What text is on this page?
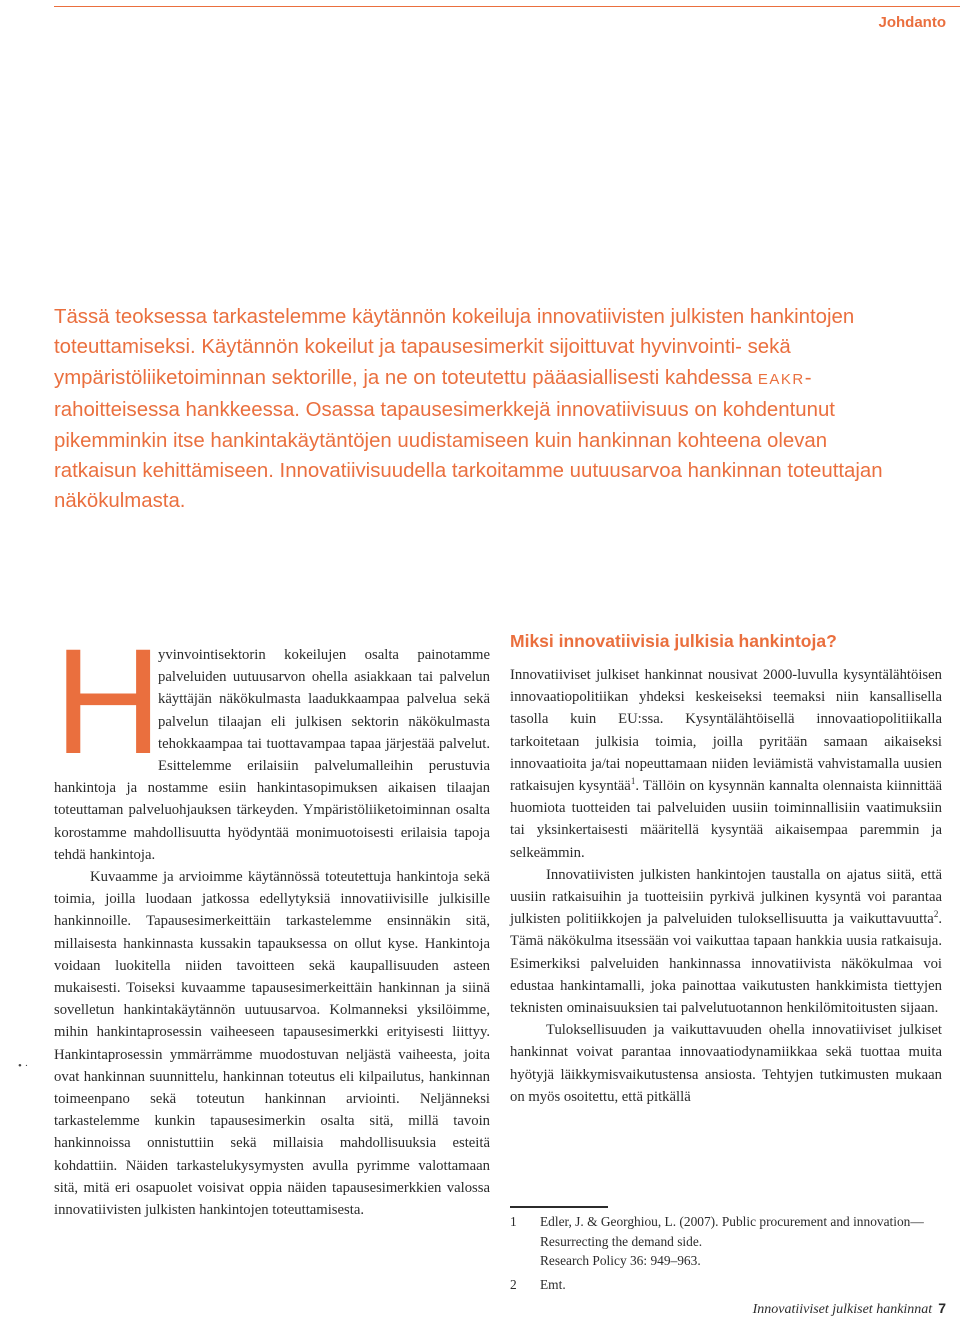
Johdanto

Tässä teoksessa tarkastelemme käytännön kokeiluja innovatiivisten julkisten hankintojen toteuttamiseksi. Käytännön kokeilut ja tapausesimerkit sijoittuvat hyvinvointi- sekä ympäristöliiketoiminnan sektorille, ja ne on toteutettu pääasiallisesti kahdessa EAKR-rahoitteisessa hankkeessa. Osassa tapausesimerkkejä innovatiivisuus on kohdentunut pikemminkin itse hankintakäytäntöjen uudistamiseen kuin hankinnan kohteena olevan ratkaisun kehittämiseen. Innovatiivisuudella tarkoitamme uutuusarvoa hankinnan toteuttajan näkökulmasta.

H

yvinvointisektorin kokeilujen osalta painotamme palveluiden uutuusarvon ohella asiakkaan tai palvelun käyttäjän näkökulmasta laadukkaampaa palvelua sekä palvelun tilaajan eli julkisen sektorin näkökulmasta tehokkaampaa tai tuottavampaa tapaa järjestää palvelut. Esittelemme erilaisiin palvelumalleihin perustuvia hankintoja ja nostamme esiin hankintasopimuksen aikaisen tilaajan toteuttaman palveluohjauksen tärkeyden. Ympäristöliiketoiminnan osalta korostamme mahdollisuutta hyödyntää monimuotoisesti erilaisia tapoja tehdä hankintoja.

Kuvaamme ja arvioimme käytännössä toteutettuja hankintoja sekä toimia, joilla luodaan jatkossa edellytyksiä innovatiivisille julkisille hankinnoille. Tapausesimerkeittäin tarkastelemme ensinnäkin sitä, millaisesta hankinnasta kussakin tapauksessa on ollut kyse. Hankintoja voidaan luokitella niiden tavoitteen sekä kaupallisuuden asteen mukaisesti. Toiseksi kuvaamme tapausesimerkeittäin hankinnan ja siinä sovelletun hankintakäytännön uutuusarvoa. Kolmanneksi yksilöimme, mihin hankintaprosessin vaiheeseen tapausesimerkki erityisesti liittyy. Hankintaprosessin ymmärrämme muodostuvan neljästä vaiheesta, joita ovat hankinnan suunnittelu, hankinnan toteutus eli kilpailutus, hankinnan toimeenpano sekä toteutun hankinnan arviointi. Neljänneksi tarkastelemme kunkin tapausesimerkin osalta sitä, millä tavoin hankinnoissa onnistuttiin sekä millaisia mahdollisuuksia esteitä kohdattiin. Näiden tarkastelukysymysten avulla pyrimme valottamaan sitä, mitä eri osapuolet voisivat oppia näiden tapausesimerkkien valossa innovatiivisten julkisten hankintojen toteuttamisesta.

Miksi innovatiivisia julkisia hankintoja?

Innovatiiviset julkiset hankinnat nousivat 2000-luvulla kysyntälähtöisen innovaatiopolitiikan yhdeksi keskeiseksi teemaksi niin kansallisella tasolla kuin EU:ssa. Kysyntälähtöisellä innovaatiopolitiikalla tarkoitetaan julkisia toimia, joilla pyritään samaan aikaiseksi innovaatioita ja/tai nopeuttamaan niiden leviämistä vahvistamalla uusien ratkaisujen kysyntää$^1$. Tällöin on kysynnän kannalta olennaista kiinnittää huomiota tuotteiden tai palveluiden uusiin toiminnallisiin vaatimuksiin tai yksinkertaisesti määritellä kysyntää aikaisempaa paremmin ja selkeämmin.

Innovatiivisten julkisten hankintojen taustalla on ajatus siitä, että uusiin ratkaisuihin ja tuotteisiin pyrkivä julkinen kysyntä voi parantaa julkisten politiikkojen ja palveluiden tuloksellisuutta ja vaikuttavuutta$^2$. Tämä näkökulma itsessään voi vaikuttaa tapaan hankkia uusia ratkaisuja. Esimerkiksi palveluiden hankinnassa innovatiivista näkökulmaa voi edustaa hankintamalli, joka painottaa vaikutusten hankkimista tiettyjen teknisten ominaisuuksien tai palvelutuotannon henkilömitoitusten sijaan.

Tuloksellisuuden ja vaikuttavuuden ohella innovatiiviset julkiset hankinnat voivat parantaa innovaatiodynamiikkaa sekä tuottaa muita hyötyjä läikkymisvaikutustensa ansiosta. Tehtyjen tutkimusten mukaan on myös osoitettu, että pitkällä

1 Edler, J. & Georghiou, L. (2007). Public procurement and innovation—Resurrecting the demand side.
Research Policy 36: 949–963.
2 Emt.
• ·
Innovatiiviset julkiset hankinnat 7
